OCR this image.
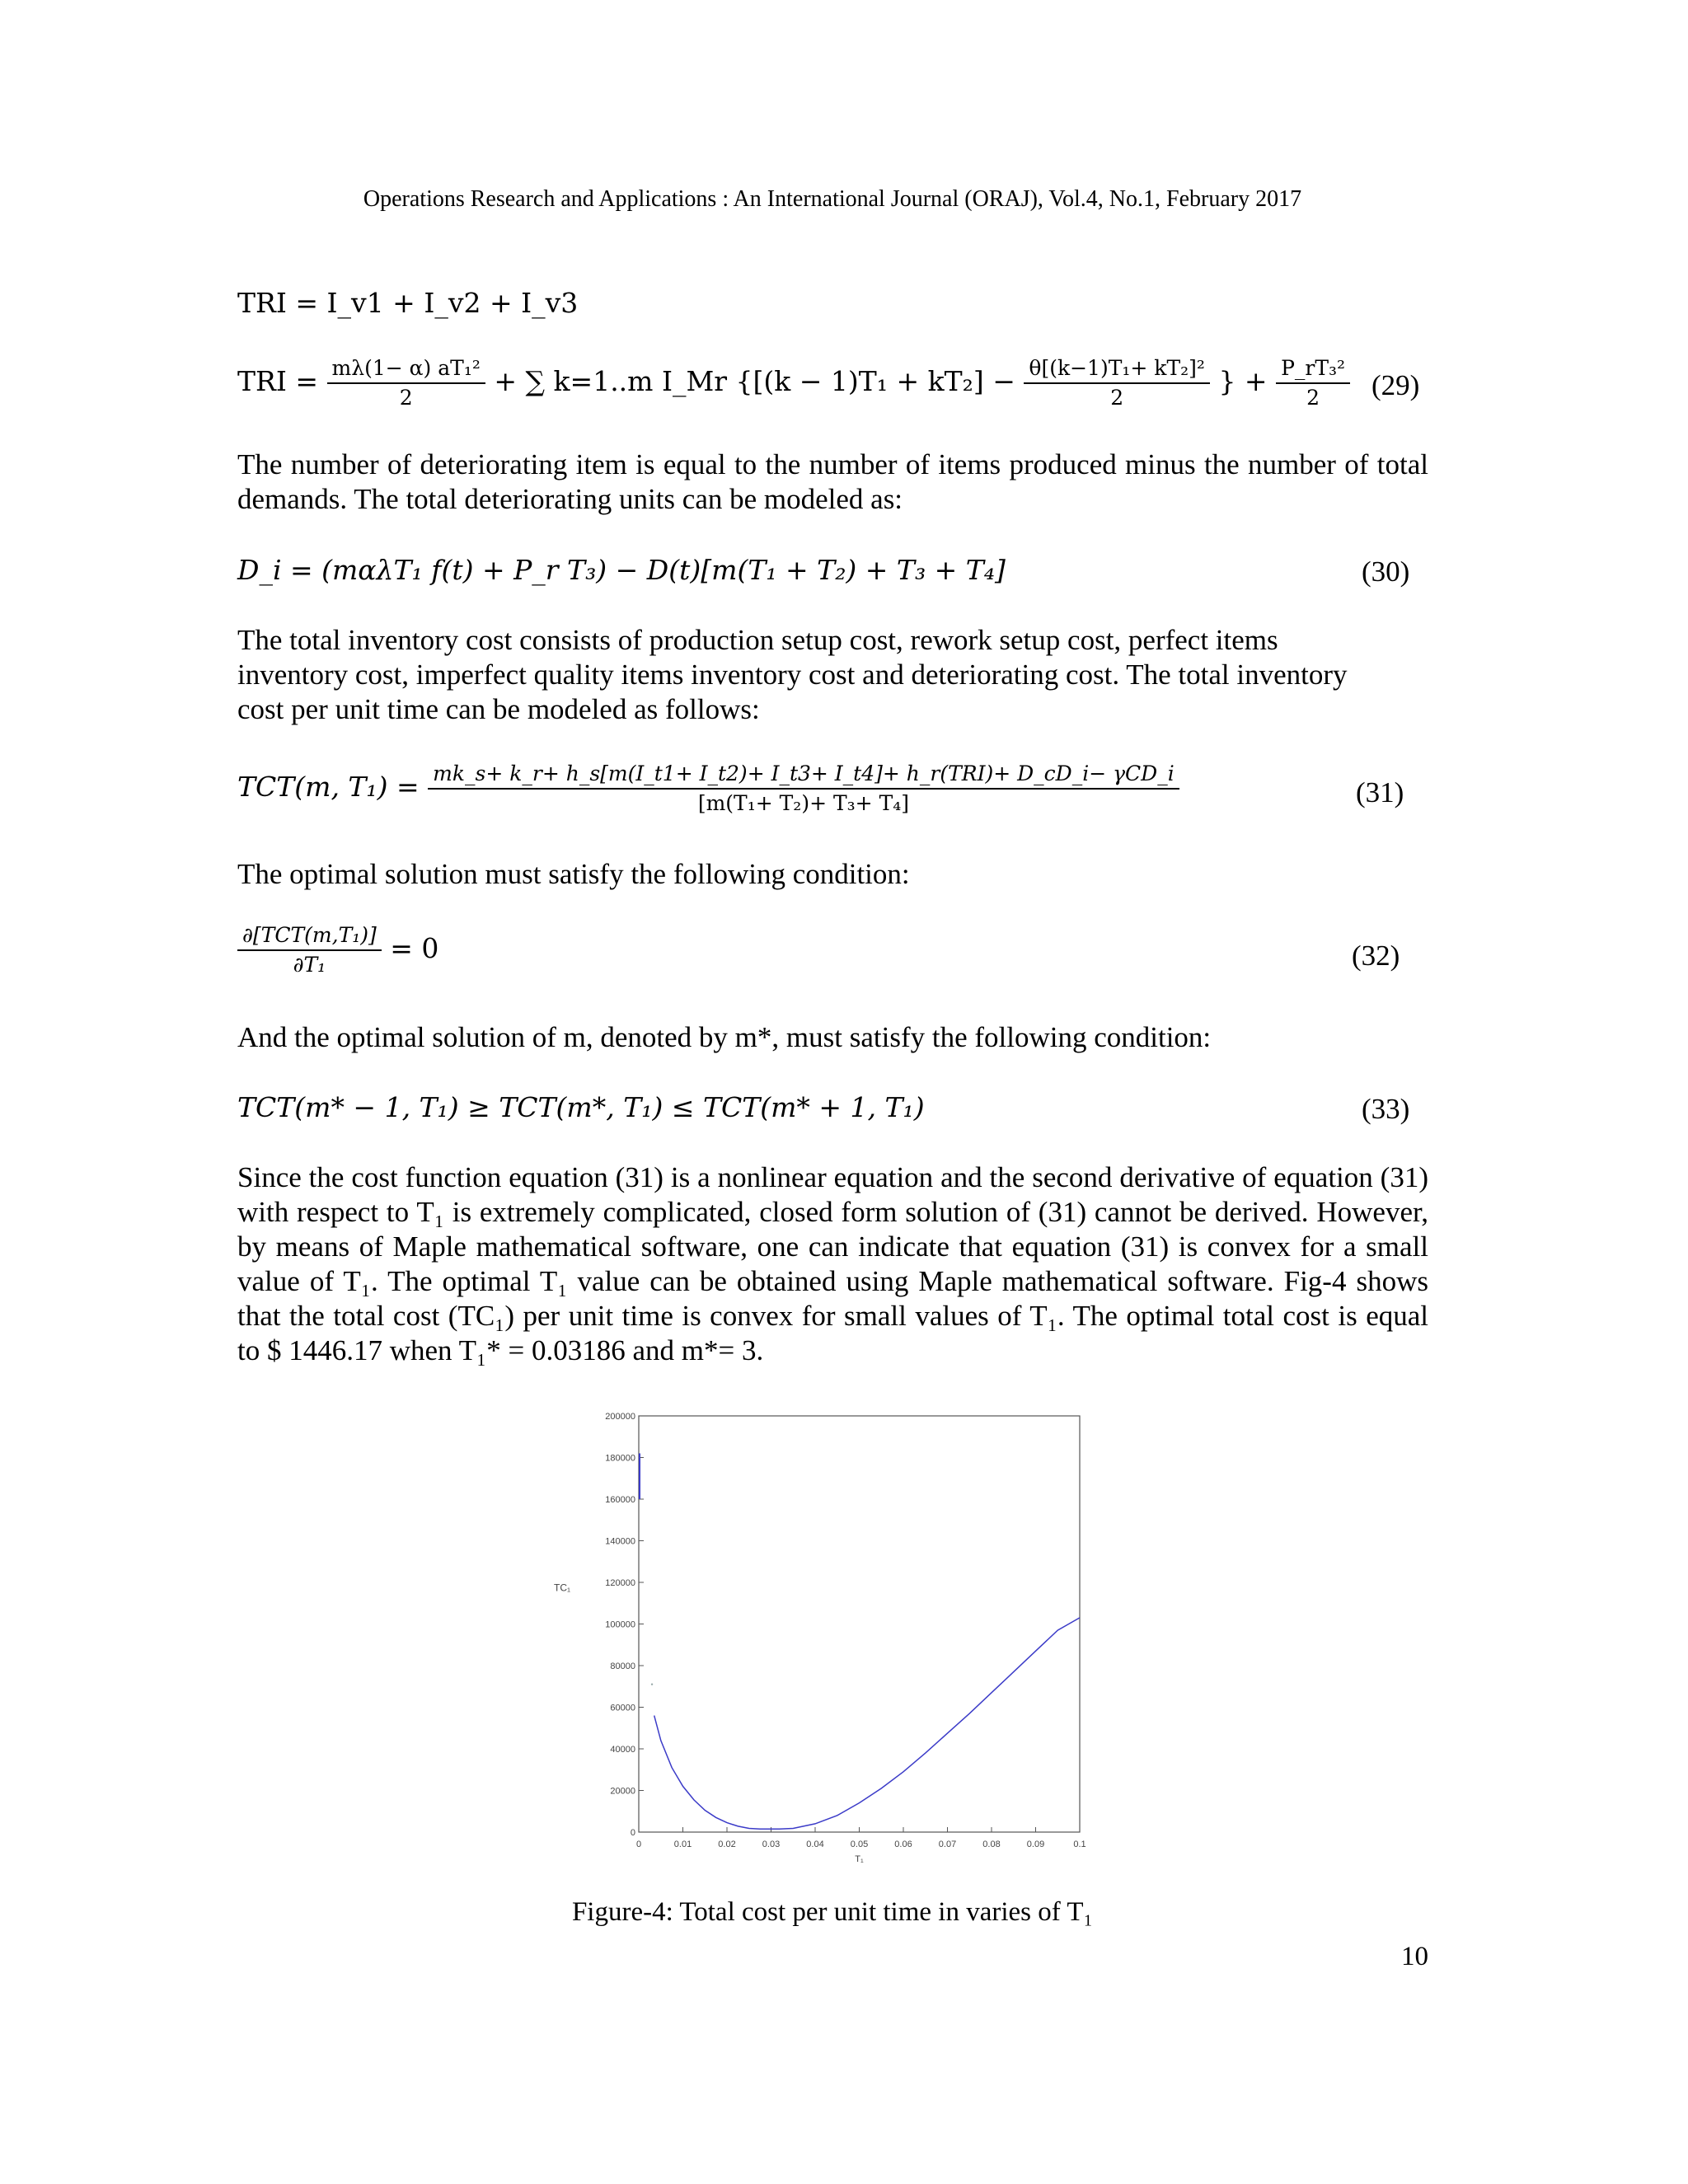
Operations Research and Applications : An International Journal (ORAJ), Vol.4, No.1, February 2017
TRI = I_v1 + I_v2 + I_v3
TRI = $\frac{\text{mλ(1− α) aT₁²}}{2}$ + ∑ k=1..m I_Mr {$[(k - 1)T_1 + kT_2] - \frac{\text{θ[(k−1)T₁+ kT₂]²}}{2}$ } + $\frac{\text{P\_rT₃²}}{2} (29)$
The number of deteriorating item is equal to the number of items produced minus the number of total demands. The total deteriorating units can be modeled as:
D_i = (mαλT₁ f(t) + P_r T₃) − D(t)[m(T₁ + T₂) + T₃ + T₄]	(30)
The total inventory cost consists of production setup cost, rework setup cost, perfect items inventory cost, imperfect quality items inventory cost and deteriorating cost. The total inventory cost per unit time can be modeled as follows:
TCT(m, T₁) = mk_s+ k_r+ h_s[m(I_t1+ I_t2)+ I_t3+ I_t4]+ h_r(TRI)+ D_cD_i− γCD_i
[m(T₁+ T₂)+ T₃+ T₄]	(31)
The optimal solution must satisfy the following condition:
$\frac{\text{∂[TCT(m,T₁)]}}{\text{∂T₁}} = 0$	(32)
And the optimal solution of m, denoted by m*, must satisfy the following condition:
TCT(m* − 1, T₁) ≥ TCT(m*, T₁) ≤ TCT(m* + 1, T₁)	(33)
Since the cost function equation (31) is a nonlinear equation and the second derivative of equation (31) with respect to T₁ is extremely complicated, closed form solution of (31) cannot be derived. However, by means of Maple mathematical software, one can indicate that equation (31) is convex for a small value of T₁. The optimal T₁ value can be obtained using Maple mathematical software. Fig-4 shows that the total cost (TC₁) per unit time is convex for small values of T₁. The optimal total cost is equal to $ 1446.17 when T₁* = 0.03186 and m*= 3.
0	0.01	0.02	0.03	0.04	0.05	0.06	0.07	0.08	0.09	0.1
0
20000
40000
60000
80000
100000
120000
140000
160000
180000
200000
T₁
TC₁
Figure-4: Total cost per unit time in varies of T₁
10
